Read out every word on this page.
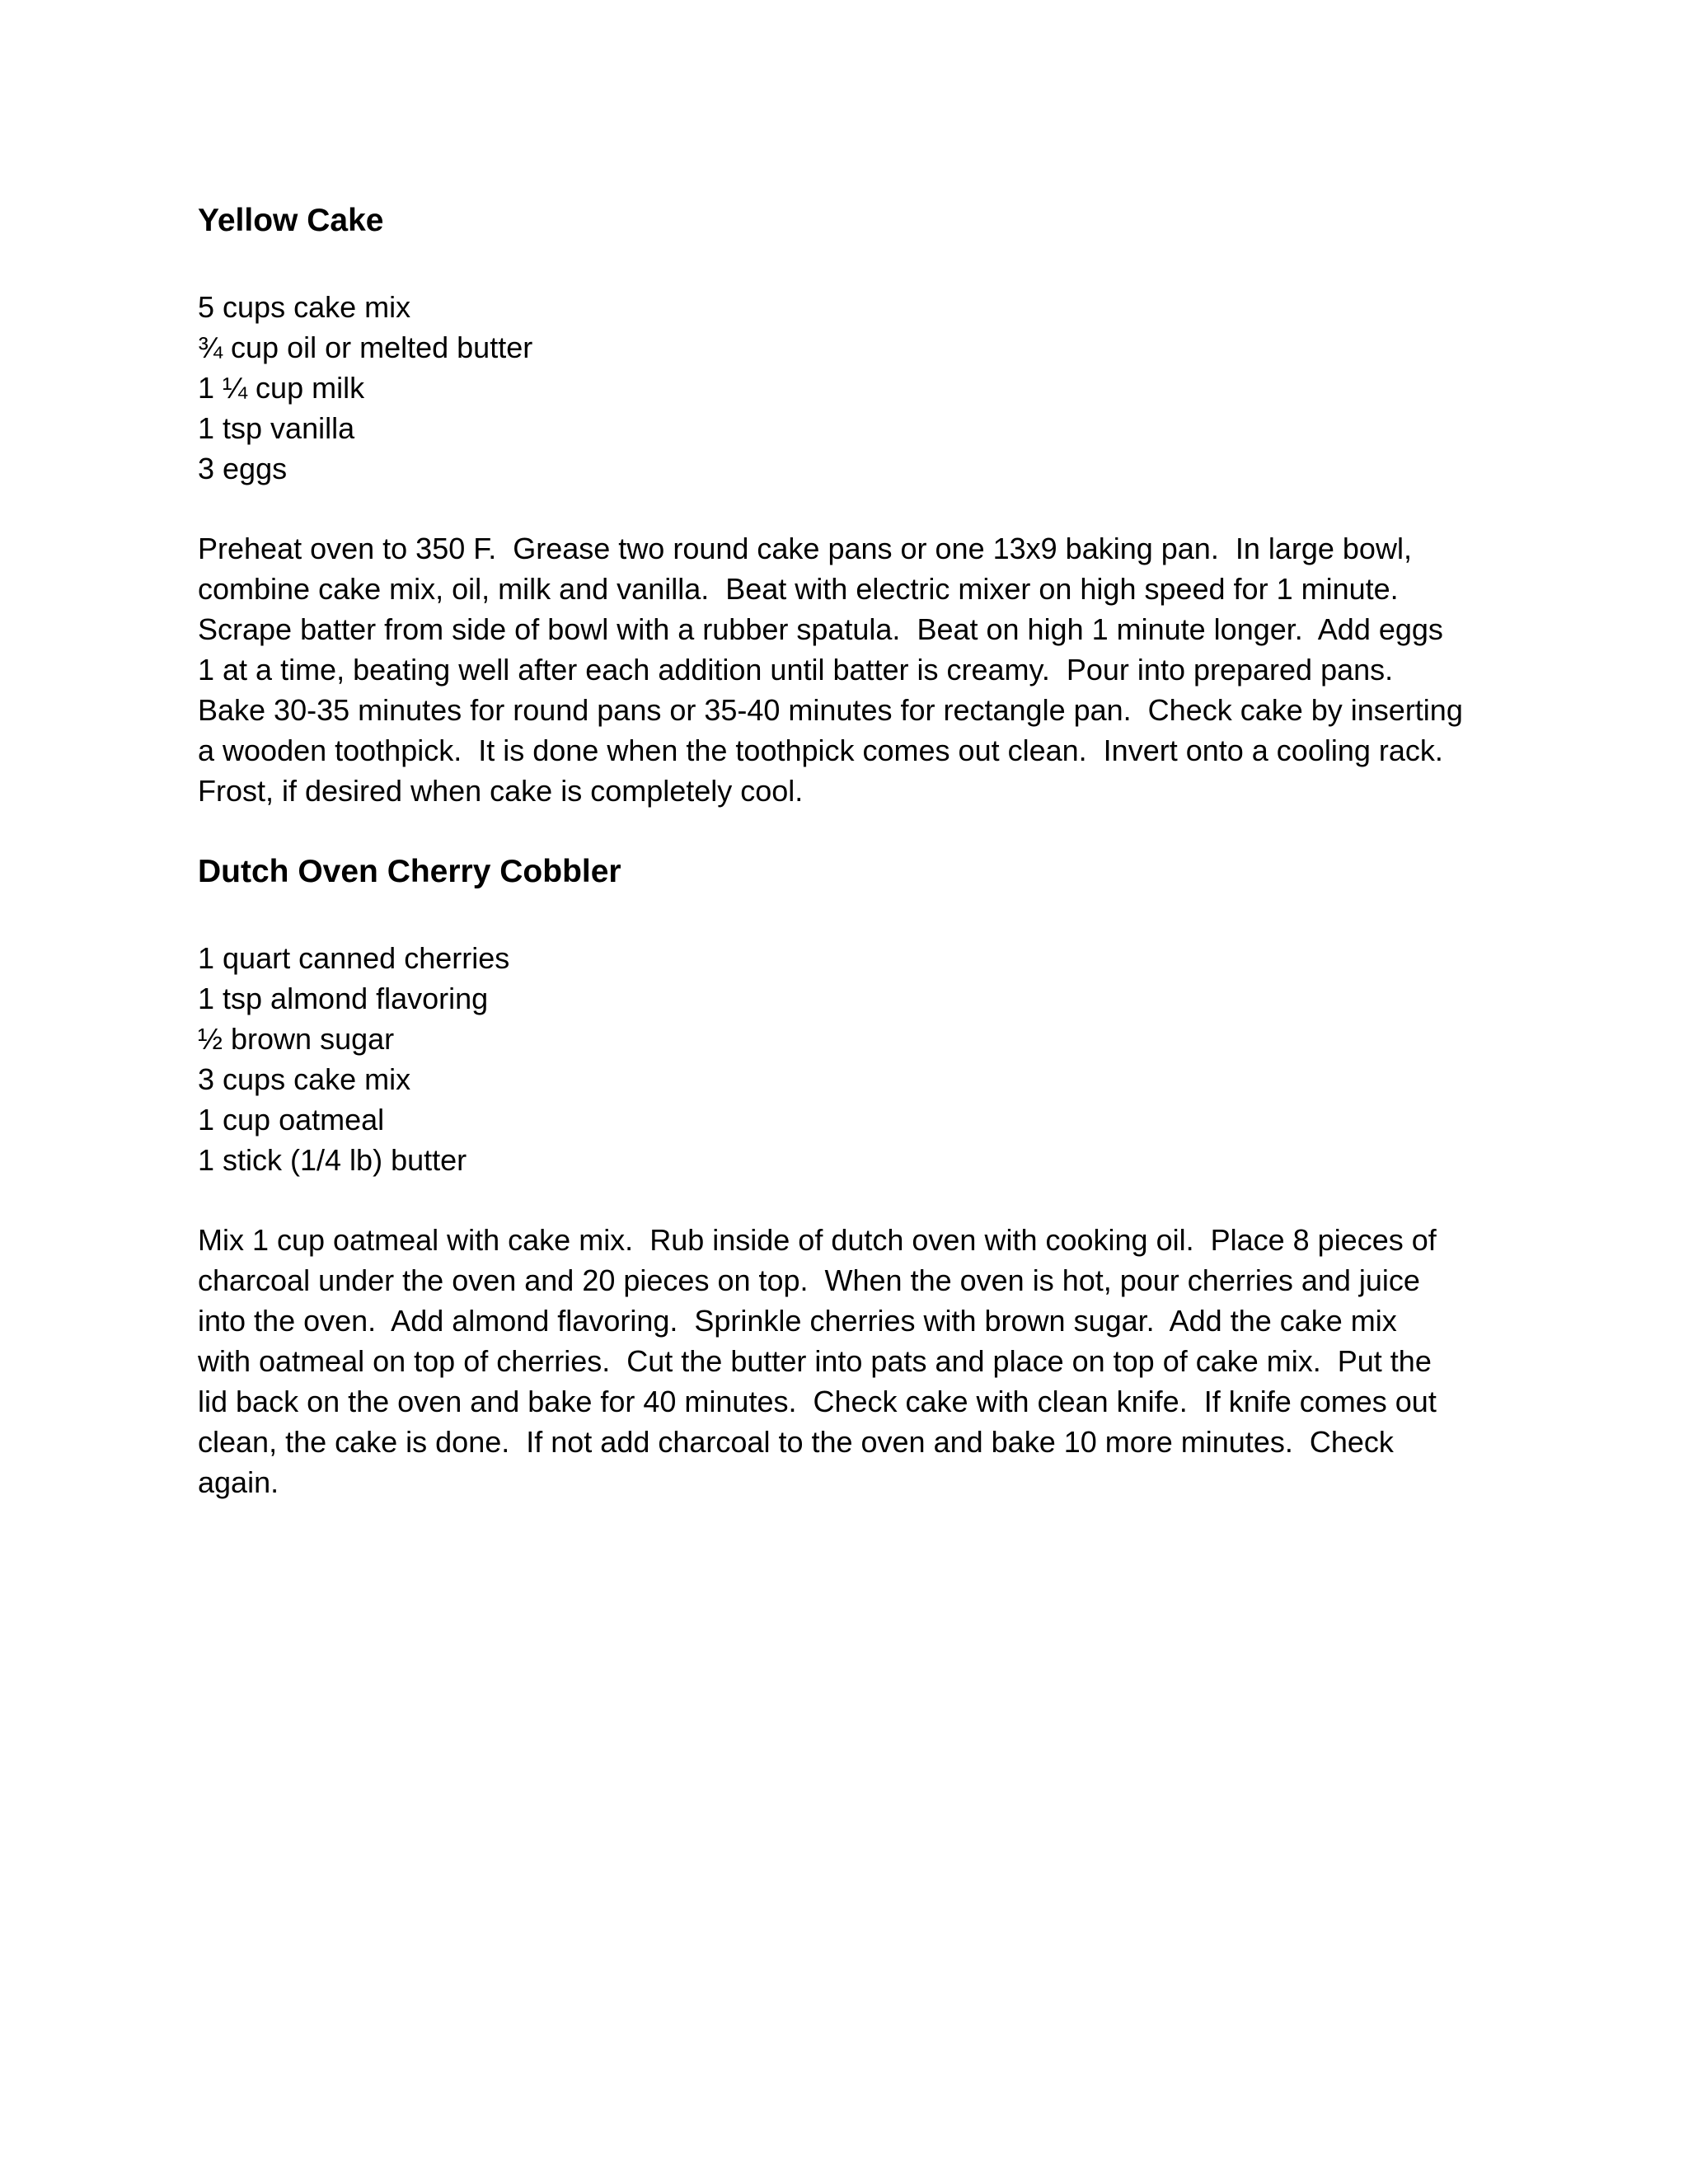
Yellow Cake
5 cups cake mix
¾ cup oil or melted butter
1 ¼ cup milk
1 tsp vanilla
3 eggs

Preheat oven to 350 F.  Grease two round cake pans or one 13x9 baking pan.  In large bowl,
combine cake mix, oil, milk and vanilla.  Beat with electric mixer on high speed for 1 minute.
Scrape batter from side of bowl with a rubber spatula.  Beat on high 1 minute longer.  Add eggs
1 at a time, beating well after each addition until batter is creamy.  Pour into prepared pans.
Bake 30-35 minutes for round pans or 35-40 minutes for rectangle pan.  Check cake by inserting
a wooden toothpick.  It is done when the toothpick comes out clean.  Invert onto a cooling rack.
Frost, if desired when cake is completely cool.

Dutch Oven Cherry Cobbler
1 quart canned cherries
1 tsp almond flavoring
½ brown sugar
3 cups cake mix
1 cup oatmeal
1 stick (1/4 lb) butter

Mix 1 cup oatmeal with cake mix.  Rub inside of dutch oven with cooking oil.  Place 8 pieces of
charcoal under the oven and 20 pieces on top.  When the oven is hot, pour cherries and juice
into the oven.  Add almond flavoring.  Sprinkle cherries with brown sugar.  Add the cake mix
with oatmeal on top of cherries.  Cut the butter into pats and place on top of cake mix.  Put the
lid back on the oven and bake for 40 minutes.  Check cake with clean knife.  If knife comes out
clean, the cake is done.  If not add charcoal to the oven and bake 10 more minutes.  Check
again.
